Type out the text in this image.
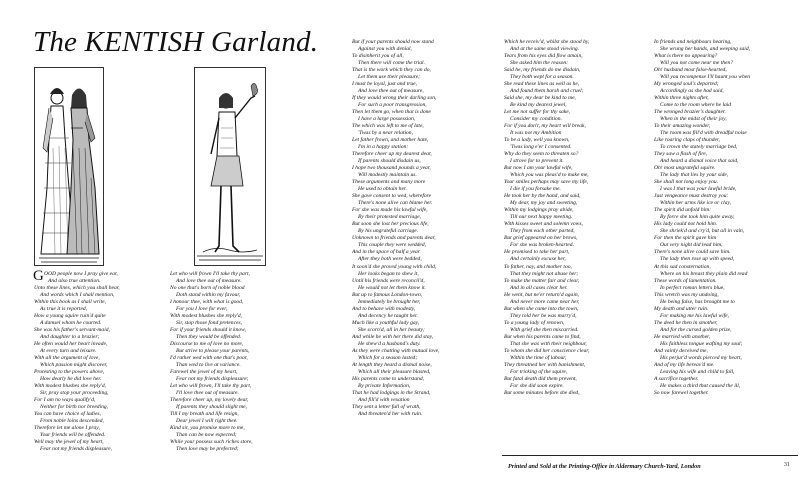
The KENTISH Garland.
G OOD people now I pray give ear,
And also true attention.
Unto these lines, which you shall hear,
And words which I shall mention,
Within this book as I shall write,
As true it is reported,
How a young squire ruin'd quite
A damsel whom he courted.
She was his father's servant-maid,
And daughter to a brazier;
He often would her heart invade,
At every turn and leisure.
With all the argument of love,
Which passion might discover,
Protesting to the powers above,
How dearly he did love her.
With modest blushes she reply'd,
Sir, pray stop your proceeding,
For I am no ways qualify'd,
Neither for birth nor breeding,
You can have choice of ladies,
From noble loins descended,
Therefore let me alone I pray,
Your friends will be offended.
Well may the jewel of my heart,
Fear not my friends displeasure,
Let who will frown I'll take thy part,
And love thee out of measure.
No one that's born of noble blood
Doth stand within my favour,
I honour thee, with what is good,
For you I love for ever,
With modest blushes she reply'd,
Sir, stop those fond pretences,
For if your friends should it know,
Then they would be offended.
Discourse to me of love no more,
But strive to please your parents,
I'd rather wed with one that's poor,
Than wed to live at variance.
Farewel the jewel of my heart,
Fear not my friends displeasure;
Let who will frown, I'll take thy part,
I'll love thee out of measure.
Therefore cheer up, my lovely dear,
If parents they should slight me,
Till I my breath and life resign,
Dear jewel I will right thee.
Kind sir, you promise more to me,
Than can be now expected;
While your possess such riches store,
Then love may be prefected;
But if your parents should now stand
Against you with denial,
To disinherit you of all,
Then there will come the trial.
That is the work which they can do,
Let them use their pleasure;
I must be loyal, just and true,
And love thee out of measure,
If they would wrong their darling son,
For such a poor transgression,
Then let them go, when that is done
I have a large possession,
The which was left to me of late,
'Twas by a near relation,
Let father frown, and mother hate,
I'm in a happy station:
Therefore cheer up my dearest dear,
If parents should disdain us,
I hope two thousand pounds a year,
Will modestly maintain us.
These arguments and many more
He used to obtain her.
She gave consent to wed, wherefore
There's none alive can blame her.
For she was made his lawful wife,
By their protested marriage,
But soon she lost her precious life,
By his ungrateful carriage.
Unknown to friends and parents dear,
This couple they were wedded,
And in the space of half a year
After they both were bedded,
It soon'd she proved young with child,
Her looks began to shew it,
Until his friends were reconcil'd,
He would not let them know it.
But up to famous London-town,
Immediately he brought her,
And to behave with modesty,
And decency he taught her.
Much like a youthful lady gay,
She scorn'd, all in her beauty;
And while he with her there did stay,
He shew'd a husband's duty.
As they were chatting with mutual love,
Which for a season lasted;
At length they heard a dismal noise,
Which all their pleasure blasted,
His parents come to understand,
By private Information,
That he had lodgings in the Strand,
And fill'd with vexation
They sent a letter full of wrath,
And threaten'd her with ruin.
Which he receiv'd, whilst she stood by,
And at the same stood viewing.
Tears from his eyes did flow amain,
She asked him the reason:
Said he, my friends do me disdain,
They both wept for a season.
She read these lines as well as he,
And found them harsh and cruel;
Said she, my dear be kind to me,
Be kind my dearest jewel,
Let me not suffer for thy sake,
Consider my condition.
For if you don't, my heart will break,
It was not my Ambition
To be a lady, well you known,
'Twas long e'er I consented.
Why do they seem to threaten so?
I strove for to prevent it.
But now I am your lawful wife,
Which you was pleas'd to make me,
Your smiles perhaps may save my life,
I die if you forsake me.
He took her by the hand, and said,
My dear, my joy and sweeting,
Within my lodgings pray abide,
Till our next happy meeting.
With kisses sweet and solemn vows,
They from each other parted,
But grief appeared on her brows,
For she was broken-hearted.
He promised to take her part,
And certainly excuse her,
To father, nay, and mother too,
That they might not abuse her;
To make the matter fair and clear,
And in all cases clear her.
He went, but ne'er return'd again,
And never more came near her,
But when she came into the town,
They told her he was marry'd,
To a young lady of renown,
With grief she then miscarried.
But when his parents came to find,
That she was with their neighbour,
To whom she did her conscience clear,
Within the time of labour,
They threatned her with banishment,
For tricking of the squire,
But fatal death did them prevent,
For she did soon expire.
But some minutes before she died,
In friends and neighbours hearing,
She wrung her hands, and weeping said,
What is there no appearing?
Will you not come near me then?
Oh! husband most false-hearted,
Will you recompense I'll haunt you when
My wronged soul's departed;
Accordingly as she had said,
Within three nights after,
Come to the room where he laid
The wronged brazier's daughter.
When in the midst of their joy,
To their amazing wonder,
The room was fill'd with dreadful noise
Like roaring claps of thunder,
To crown the stately marriage bed,
They saw a flash of fire,
And heard a dismal voice that said,
Oh! most ungrateful squire.
The lady that lies by your side,
She shall not long enjoy you.
I was I that was your lawful bride,
Just vengeance must destroy you:
Within her arms like ice or clay,
The spirit did unfold him:
By force she took him quite away,
His lady could not hold him.
She shriek'd and cry'd, but all in vain,
For then the spirit gave him
Out very night did lead him,
There's none alive could save him.
The lady then rose up with speed,
At this sad consternation,
Where on his breast they plain did read
These words of lamentation.
In perfect roman letters blue,
This wretch was my undoing,
He being false, has brought me to
My death and utter ruin.
For making me his lawful wife,
The deed he then in smother,
And for the cursed golden prize,
He married with another,
His faithless tongue wafting my soul;
And vainly deceived me,
His perjur'd words pierced my heart,
And of my life bereav'd me.
Leaving his wife and child to fall,
A sacrifice together.
He makes a third that caused the ill,
So now farewel together.
Printed and Sold at the Printing-Office in Aldermary Church-Yard, London	31
